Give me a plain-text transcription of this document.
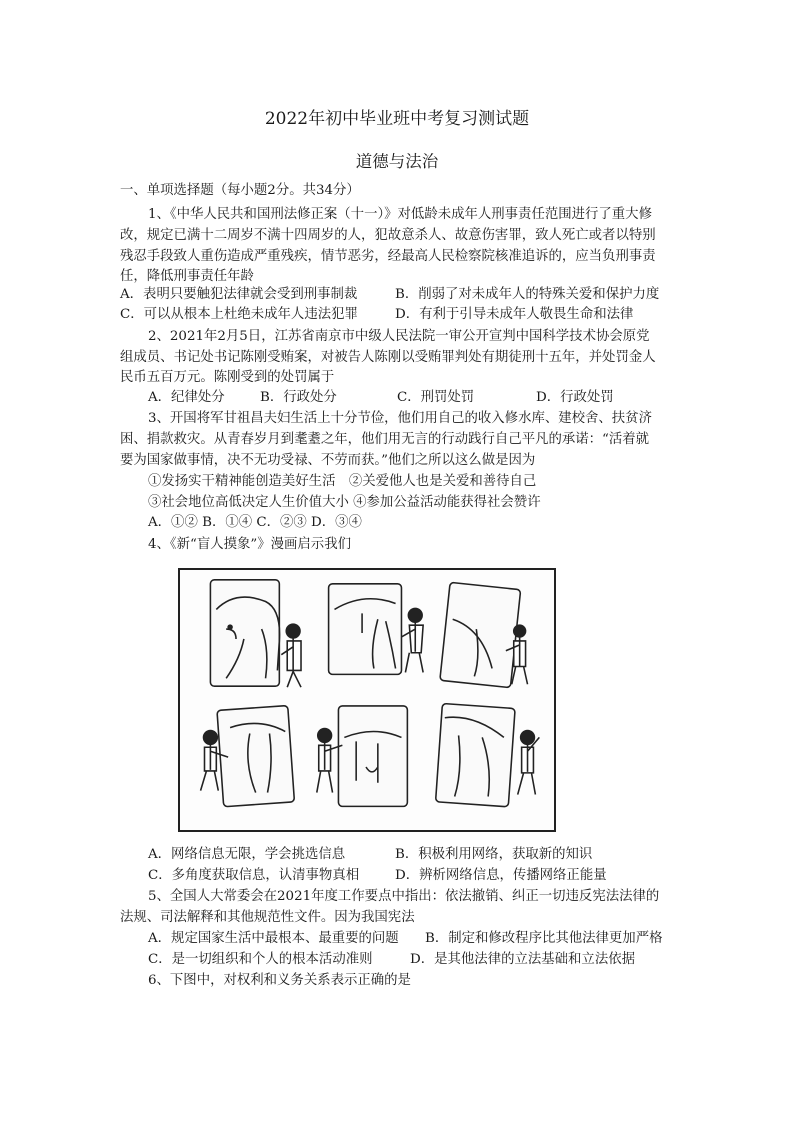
2022年初中毕业班中考复习测试题
道德与法治
一、单项选择题（每小题2分。共34分）
1、《中华人民共和国刑法修正案（十一）》对低龄未成年人刑事责任范围进行了重大修
改，规定已满十二周岁不满十四周岁的人，犯故意杀人、故意伤害罪，致人死亡或者以特别
残忍手段致人重伤造成严重残疾，情节恶劣，经最高人民检察院核准追诉的，应当负刑事责
任，降低刑事责任年龄
A．表明只要触犯法律就会受到刑事制裁	B．削弱了对未成年人的特殊关爱和保护力度
C．可以从根本上杜绝未成年人违法犯罪	D．有利于引导未成年人敬畏生命和法律
2、2021年2月5日，江苏省南京市中级人民法院一审公开宣判中国科学技术协会原党
组成员、书记处书记陈刚受贿案，对被告人陈刚以受贿罪判处有期徒刑十五年，并处罚金人
民币五百万元。陈刚受到的处罚属于
A．纪律处分	B．行政处分	C．刑罚处罚	D．行政处罚
3、开国将军甘祖昌夫妇生活上十分节俭，他们用自己的收入修水库、建校舍、扶贫济
困、捐款救灾。从青春岁月到耄耋之年，他们用无言的行动践行自己平凡的承诺：“活着就
要为国家做事情，决不无功受禄、不劳而获。”他们之所以这么做是因为
①发扬实干精神能创造美好生活　②关爱他人也是关爱和善待自己
③社会地位高低决定人生价值大小 ④参加公益活动能获得社会赞许
A．①② B．①④ C．②③ D．③④
4、《新“盲人摸象”》漫画启示我们
A．网络信息无限，学会挑选信息	B．积极利用网络，获取新的知识
C．多角度获取信息，认清事物真相	D．辨析网络信息，传播网络正能量
5、全国人大常委会在2021年度工作要点中指出：依法撤销、纠正一切违反宪法法律的
法规、司法解释和其他规范性文件。因为我国宪法
A．规定国家生活中最根本、最重要的问题 B．制定和修改程序比其他法律更加严格
C．是一切组织和个人的根本活动准则	D．是其他法律的立法基础和立法依据
6、下图中，对权利和义务关系表示正确的是
